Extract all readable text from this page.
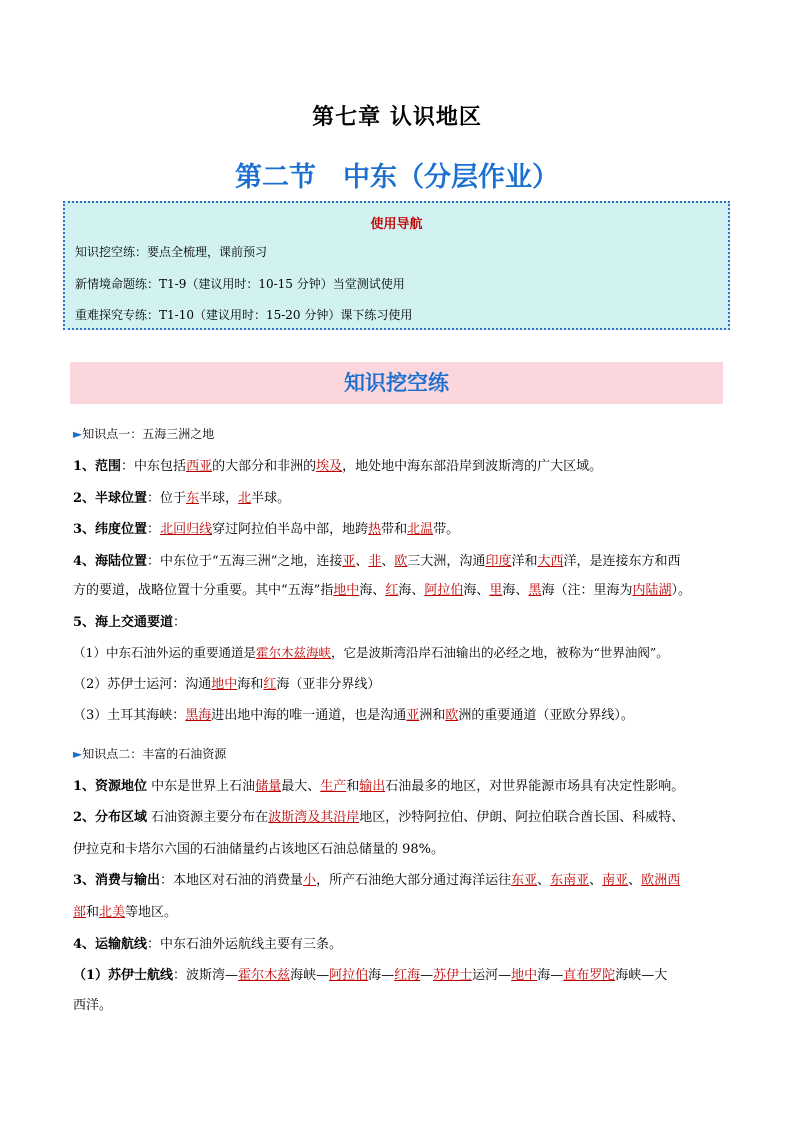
第七章 认识地区
第二节　中东（分层作业）
使用导航
知识挖空练：要点全梳理，课前预习
新情境命题练：T1-9（建议用时：10-15 分钟）当堂测试使用
重难探究专练：T1-10（建议用时：15-20 分钟）课下练习使用
知识挖空练
►知识点一：五海三洲之地
1、范围：中东包括西亚的大部分和非洲的埃及，地处地中海东部沿岸到波斯湾的广大区域。
2、半球位置：位于东半球，北半球。
3、纬度位置：北回归线穿过阿拉伯半岛中部，地跨热带和北温带。
4、海陆位置：中东位于“五海三洲”之地，连接亚、非、欧三大洲，沟通印度洋和大西洋，是连接东方和西
方的要道，战略位置十分重要。其中“五海”指地中海、红海、阿拉伯海、里海、黑海（注：里海为内陆湖）。
5、海上交通要道：
（1）中东石油外运的重要通道是霍尔木兹海峡，它是波斯湾沿岸石油输出的必经之地，被称为“世界油阀”。
（2）苏伊士运河：沟通地中海和红海（亚非分界线）
（3）土耳其海峡：黑海进出地中海的唯一通道，也是沟通亚洲和欧洲的重要通道（亚欧分界线）。
►知识点二：丰富的石油资源
1、资源地位 中东是世界上石油储量最大、生产和输出石油最多的地区，对世界能源市场具有决定性影响。
2、分布区域 石油资源主要分布在波斯湾及其沿岸地区，沙特阿拉伯、伊朗、阿拉伯联合酋长国、科威特、
伊拉克和卡塔尔六国的石油储量约占该地区石油总储量的 98%。
3、消费与输出：本地区对石油的消费量小，所产石油绝大部分通过海洋运往东亚、东南亚、南亚、欧洲西
部和北美等地区。
4、运输航线：中东石油外运航线主要有三条。
（1）苏伊士航线：波斯湾—霍尔木兹海峡—阿拉伯海—红海—苏伊士运河—地中海—直布罗陀海峡—大
西洋。
